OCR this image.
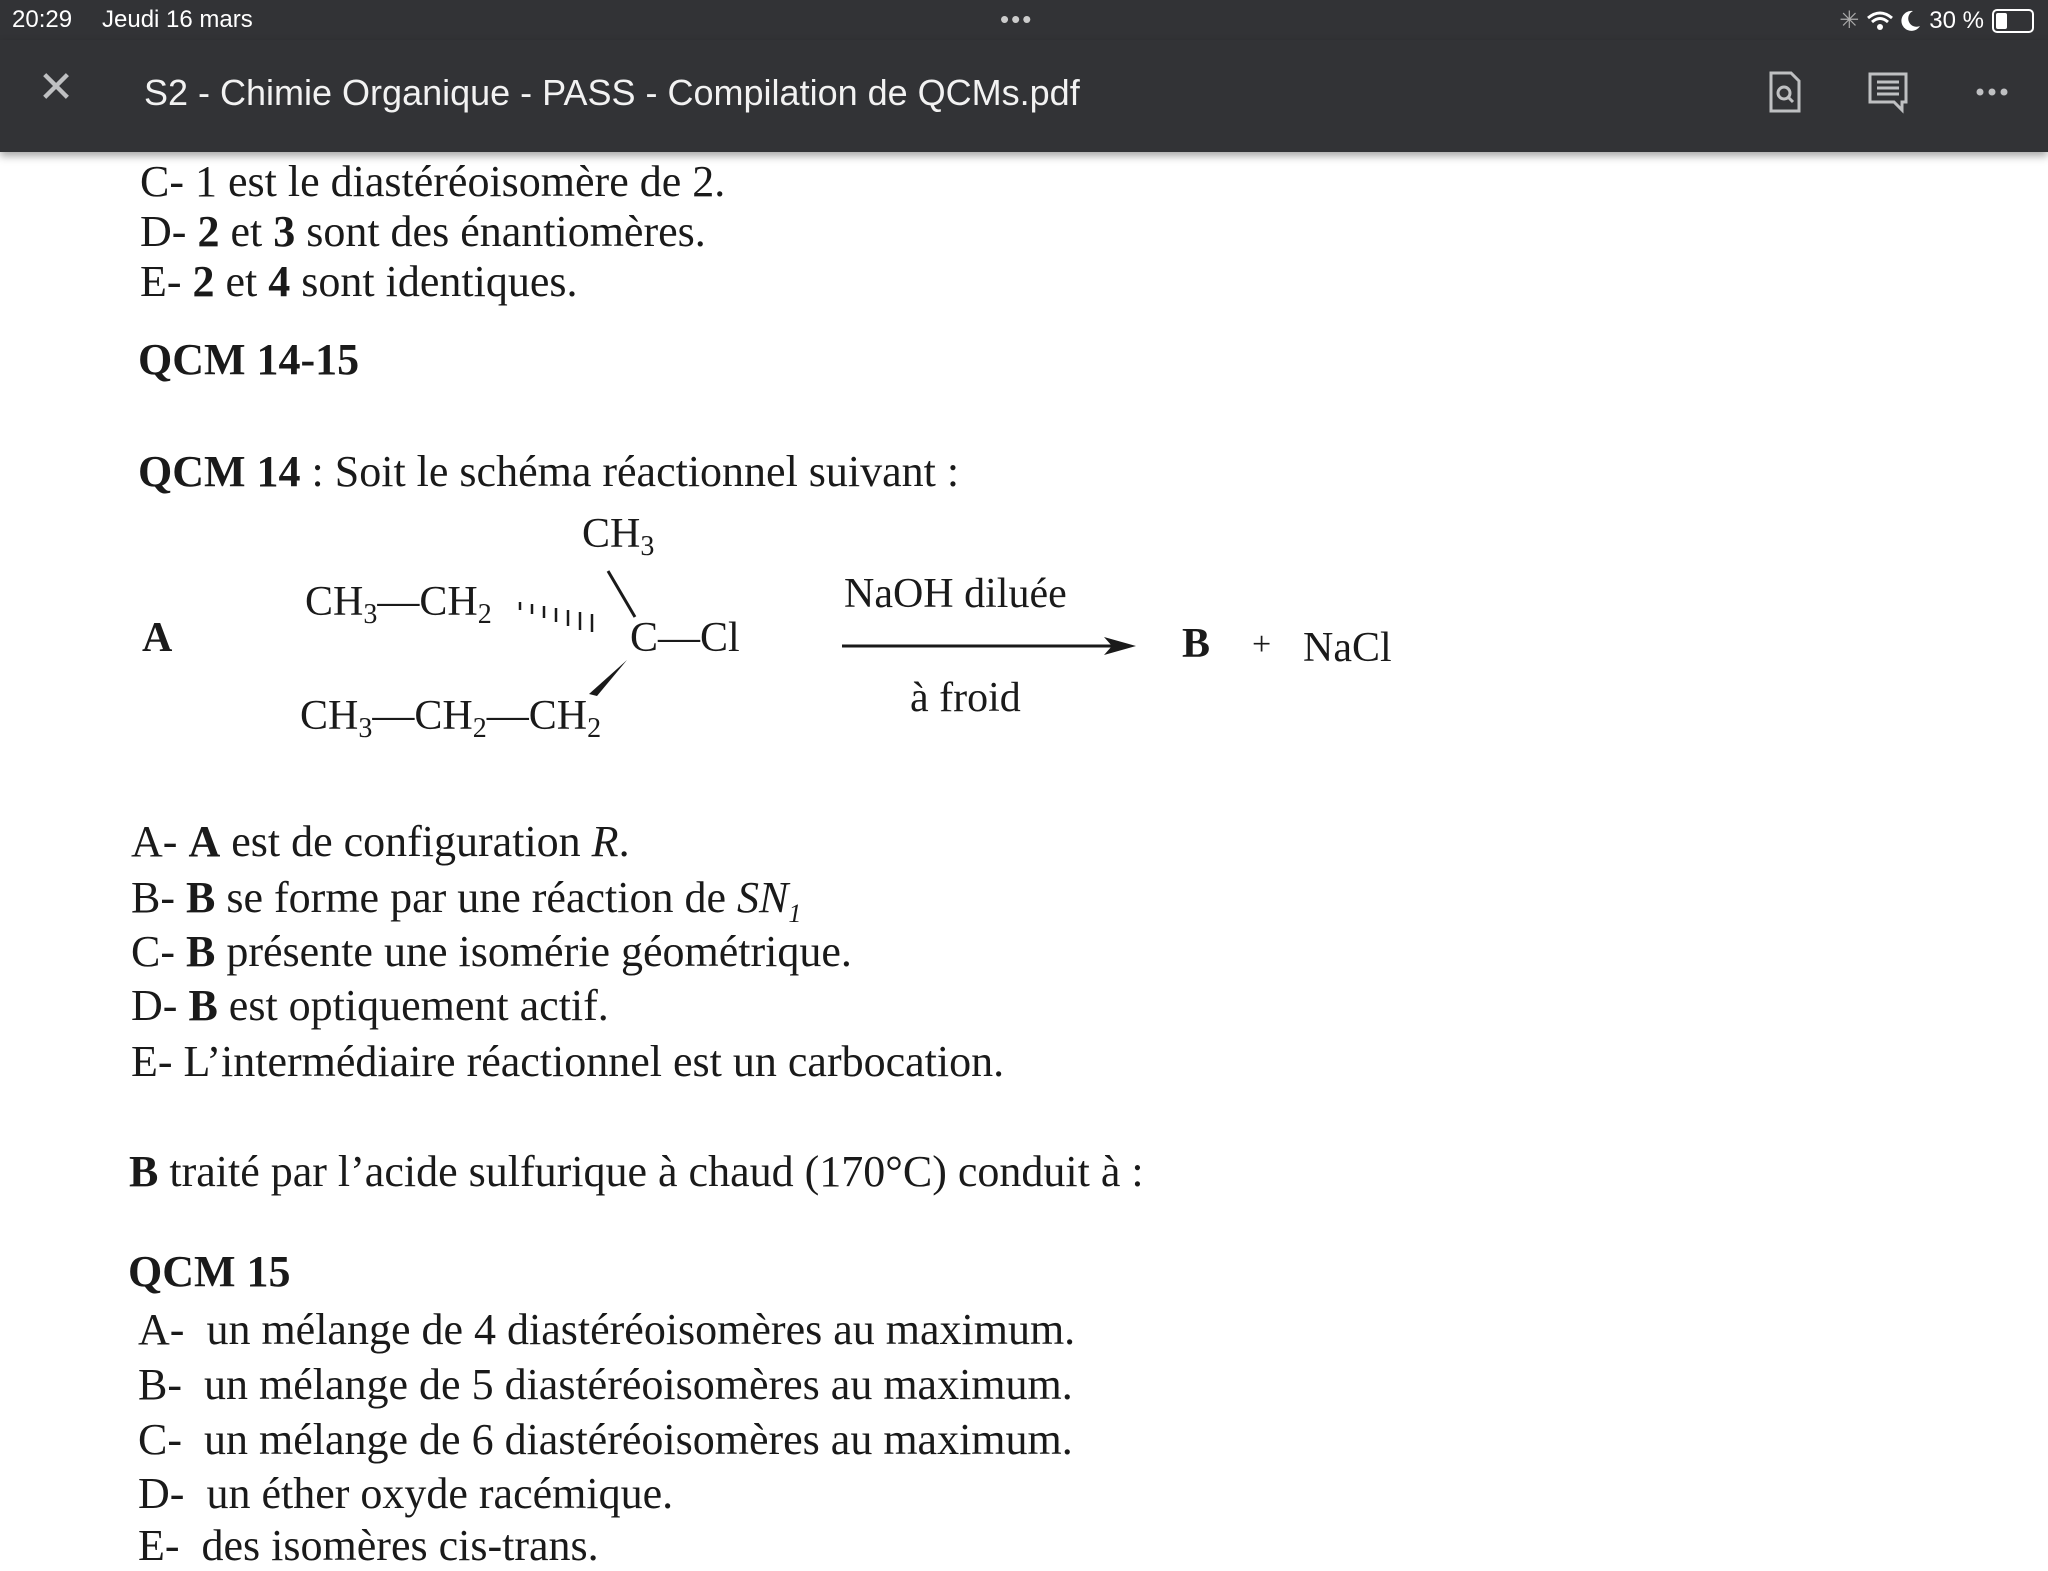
20:29 Jeudi 16 mars	•••	✳	30 %
✕ S2 - Chimie Organique - PASS - Compilation de QCMs.pdf
C- 1 est le diastéréoisomère de 2.
D- 2 et 3 sont des énantiomères.
E- 2 et 4 sont identiques.
QCM 14-15
QCM 14 : Soit le schéma réactionnel suivant :
A
$CH_3$
$CH_3—CH_2$
C—Cl
$CH_3—CH_2—CH_2$
NaOH diluée
à froid
B + NaCl
A- A est de configuration R.
B- B se forme par une réaction de $SN_1$
C- B présente une isomérie géométrique.
D- B est optiquement actif.
E- L’intermédiaire réactionnel est un carbocation.
B traité par l’acide sulfurique à chaud (170°C) conduit à :
QCM 15
A- un mélange de 4 diastéréoisomères au maximum.
B- un mélange de 5 diastéréoisomères au maximum.
C- un mélange de 6 diastéréoisomères au maximum.
D- un éther oxyde racémique.
E- des isomères cis-trans.
